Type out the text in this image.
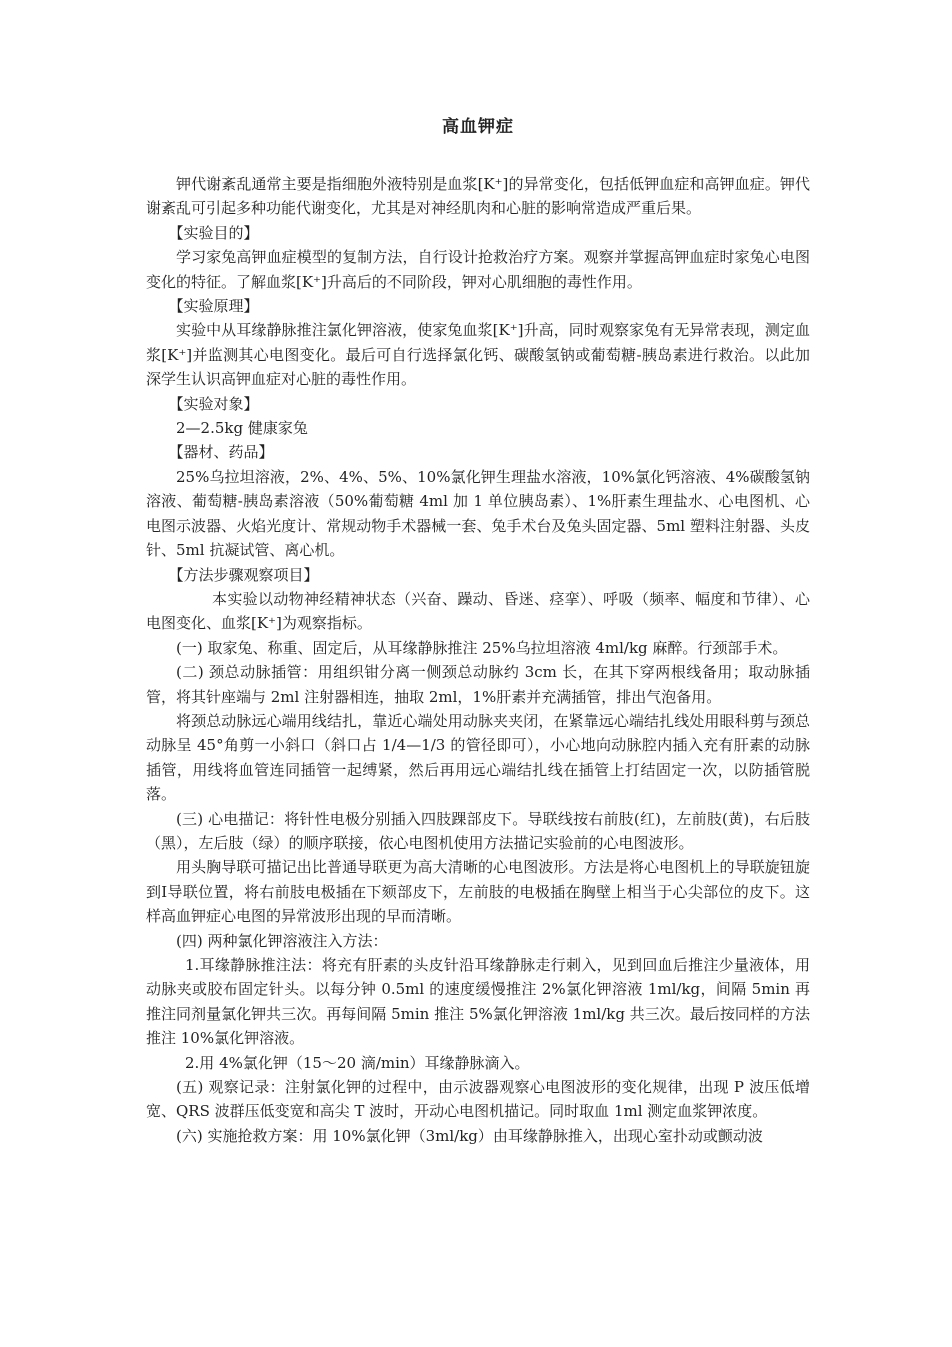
高血钾症

钾代谢紊乱通常主要是指细胞外液特别是血浆[K⁺]的异常变化，包括低钾血症和高钾血症。钾代谢紊乱可引起多种功能代谢变化，尤其是对神经肌肉和心脏的影响常造成严重后果。

【实验目的】

学习家兔高钾血症模型的复制方法，自行设计抢救治疗方案。观察并掌握高钾血症时家兔心电图变化的特征。了解血浆[K⁺]升高后的不同阶段，钾对心肌细胞的毒性作用。

【实验原理】

实验中从耳缘静脉推注氯化钾溶液，使家兔血浆[K⁺]升高，同时观察家兔有无异常表现，测定血浆[K⁺]并监测其心电图变化。最后可自行选择氯化钙、碳酸氢钠或葡萄糖-胰岛素进行救治。以此加深学生认识高钾血症对心脏的毒性作用。

【实验对象】

2—2.5kg 健康家兔

【器材、药品】

25%乌拉坦溶液，2%、4%、5%、10%氯化钾生理盐水溶液，10%氯化钙溶液、4%碳酸氢钠溶液、葡萄糖-胰岛素溶液（50%葡萄糖 4ml 加 1 单位胰岛素）、1%肝素生理盐水、心电图机、心电图示波器、火焰光度计、常规动物手术器械一套、兔手术台及兔头固定器、5ml 塑料注射器、头皮针、5ml 抗凝试管、离心机。

【方法步骤观察项目】

本实验以动物神经精神状态（兴奋、躁动、昏迷、痉挛）、呼吸（频率、幅度和节律）、心电图变化、血浆[K⁺]为观察指标。

(一) 取家兔、称重、固定后，从耳缘静脉推注 25%乌拉坦溶液 4ml/kg 麻醉。行颈部手术。

(二) 颈总动脉插管：用组织钳分离一侧颈总动脉约 3cm 长，在其下穿两根线备用；取动脉插管，将其针座端与 2ml 注射器相连，抽取 2ml，1%肝素并充满插管，排出气泡备用。

将颈总动脉远心端用线结扎，靠近心端处用动脉夹夹闭，在紧靠远心端结扎线处用眼科剪与颈总动脉呈 45°角剪一小斜口（斜口占 1/4—1/3 的管径即可），小心地向动脉腔内插入充有肝素的动脉插管，用线将血管连同插管一起缚紧，然后再用远心端结扎线在插管上打结固定一次，以防插管脱落。

(三) 心电描记：将针性电极分别插入四肢踝部皮下。导联线按右前肢(红)，左前肢(黄)，右后肢（黑），左后肢（绿）的顺序联接，依心电图机使用方法描记实验前的心电图波形。

用头胸导联可描记出比普通导联更为高大清晰的心电图波形。方法是将心电图机上的导联旋钮旋到Ⅰ导联位置，将右前肢电极插在下颏部皮下，左前肢的电极插在胸壁上相当于心尖部位的皮下。这样高血钾症心电图的异常波形出现的早而清晰。

(四) 两种氯化钾溶液注入方法：

1.耳缘静脉推注法：将充有肝素的头皮针沿耳缘静脉走行刺入，见到回血后推注少量液体，用动脉夹或胶布固定针头。以每分钟 0.5ml 的速度缓慢推注 2%氯化钾溶液 1ml/kg，间隔 5min 再推注同剂量氯化钾共三次。再每间隔 5min 推注 5%氯化钾溶液 1ml/kg 共三次。最后按同样的方法推注 10%氯化钾溶液。

2.用 4%氯化钾（15～20 滴/min）耳缘静脉滴入。

(五) 观察记录：注射氯化钾的过程中，由示波器观察心电图波形的变化规律，出现 P 波压低增宽、QRS 波群压低变宽和高尖 T 波时，开动心电图机描记。同时取血 1ml 测定血浆钾浓度。

(六) 实施抢救方案：用 10%氯化钾（3ml/kg）由耳缘静脉推入，出现心室扑动或颤动波
